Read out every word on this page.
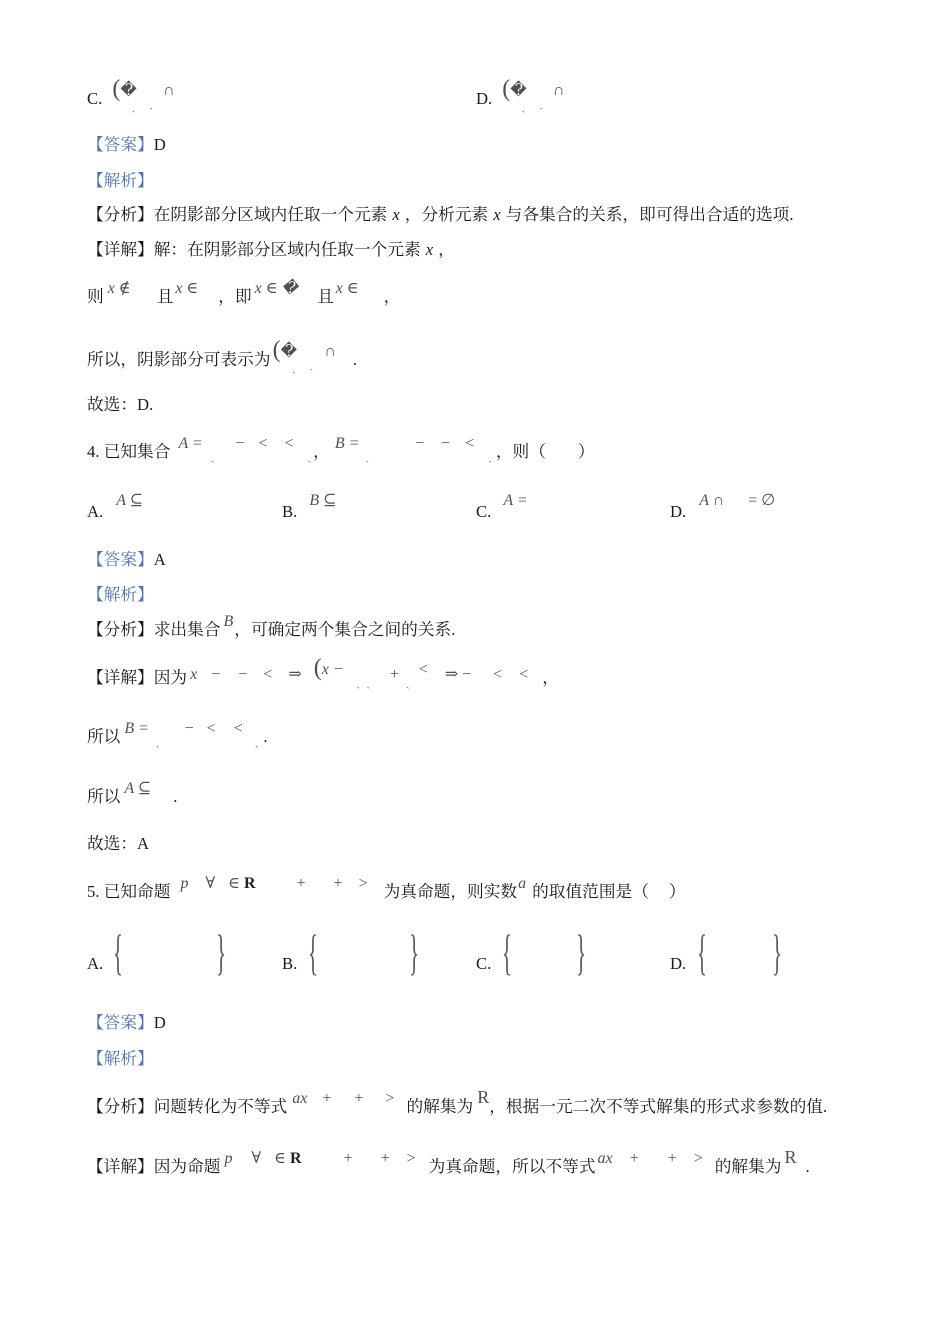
C. ( �
ˎ ˏ
∩	D. ( �
ˎ ˏ
∩
【答案】 D
【解析】
【分析】在阴影部分区域内任取一个元素 x ，分析元素 x 与各集合的关系，即可得出合适的选项.
【详解】解：在阴影部分区域内任取一个元素 x ，
则 x ∉ 且 x ∈ ，即 x ∈ � 且 x ∈ ，
所以，阴影部分可表示为 ( �
ˎ ˏ
∩ .
故选：D.
4. 已知集合 A =
ˎ
− < <
ˏ ， B =
ˎ
− − <
ˏ ，则（ ）
A.
A ⊆
B.
B ⊆
C.
A =
D.
A ∩ = ∅
【答案】 A
【解析】
【分析】求出集合 B ，可确定两个集合之间的关系.
【详解】因为 x − − < ⇒ ( x −
ˎ ˎ + ˏ
< ⇒ − < < ，
所以 B =
ˎ
− < <
ˏ .
所以 A ⊆ .
故选：A
5. 已知命题 p ∀ ∈ R	+ + > 为真命题，则实数 a 的取值范围是（ ）
A. { }	B. { }	C. { }	D. { }
【答案】 D
【解析】
【分析】问题转化为不等式 ax + + > 的解集为 R ，根据一元二次不等式解集的形式求参数的值.
【详解】因为命题 p ∀ ∈ R	+ + > 为真命题，所以不等式 ax + + > 的解集为 R .
